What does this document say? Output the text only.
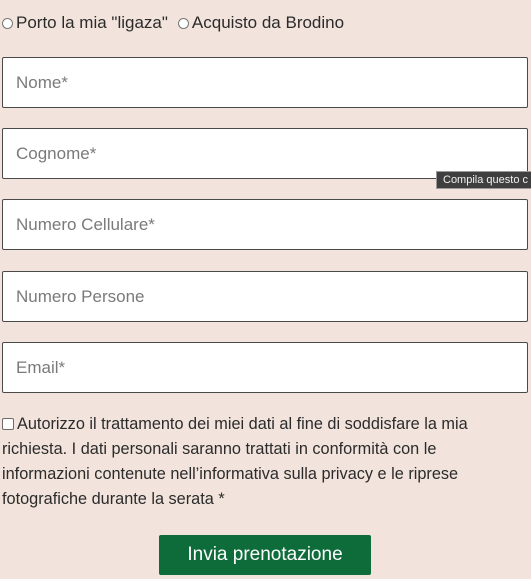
Porto la mia "ligaza" Acquisto da Brodino
Nome*
Cognome*
Compila questo c
Numero Cellulare*
Numero Persone
Email*
Autorizzo il trattamento dei miei dati al fine di soddisfare la mia richiesta. I dati personali saranno trattati in conformità con le informazioni contenute nell’informativa sulla privacy e le riprese fotografiche durante la serata *
Invia prenotazione
